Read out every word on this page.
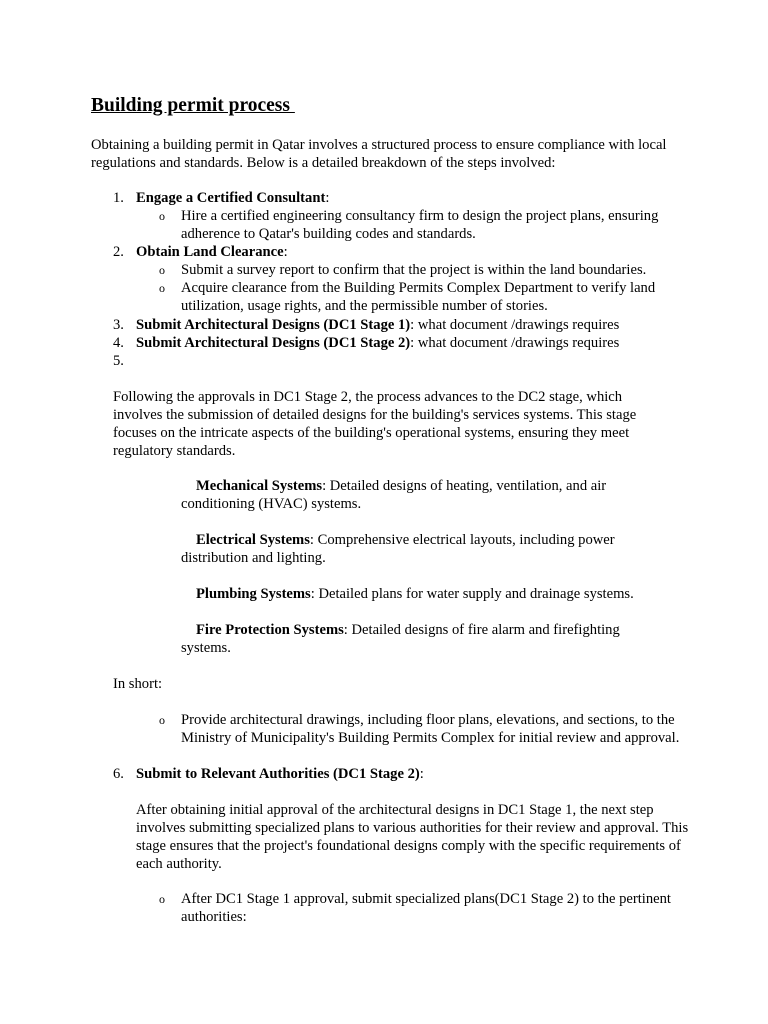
Building permit process
Obtaining a building permit in Qatar involves a structured process to ensure compliance with local regulations and standards. Below is a detailed breakdown of the steps involved:
1. Engage a Certified Consultant:
o Hire a certified engineering consultancy firm to design the project plans, ensuring adherence to Qatar's building codes and standards.
2. Obtain Land Clearance:
o Submit a survey report to confirm that the project is within the land boundaries.
o Acquire clearance from the Building Permits Complex Department to verify land utilization, usage rights, and the permissible number of stories.
3. Submit Architectural Designs (DC1 Stage 1): what document /drawings requires
4. Submit Architectural Designs (DC1 Stage 2): what document /drawings requires
5.
Following the approvals in DC1 Stage 2, the process advances to the DC2 stage, which involves the submission of detailed designs for the building's services systems. This stage focuses on the intricate aspects of the building's operational systems, ensuring they meet regulatory standards.
Mechanical Systems: Detailed designs of heating, ventilation, and air conditioning (HVAC) systems.
Electrical Systems: Comprehensive electrical layouts, including power distribution and lighting.
Plumbing Systems: Detailed plans for water supply and drainage systems.
Fire Protection Systems: Detailed designs of fire alarm and firefighting systems.
In short:
o Provide architectural drawings, including floor plans, elevations, and sections, to the Ministry of Municipality's Building Permits Complex for initial review and approval.
6. Submit to Relevant Authorities (DC1 Stage 2):
After obtaining initial approval of the architectural designs in DC1 Stage 1, the next step involves submitting specialized plans to various authorities for their review and approval. This stage ensures that the project's foundational designs comply with the specific requirements of each authority.
o After DC1 Stage 1 approval, submit specialized plans(DC1 Stage 2) to the pertinent authorities:
